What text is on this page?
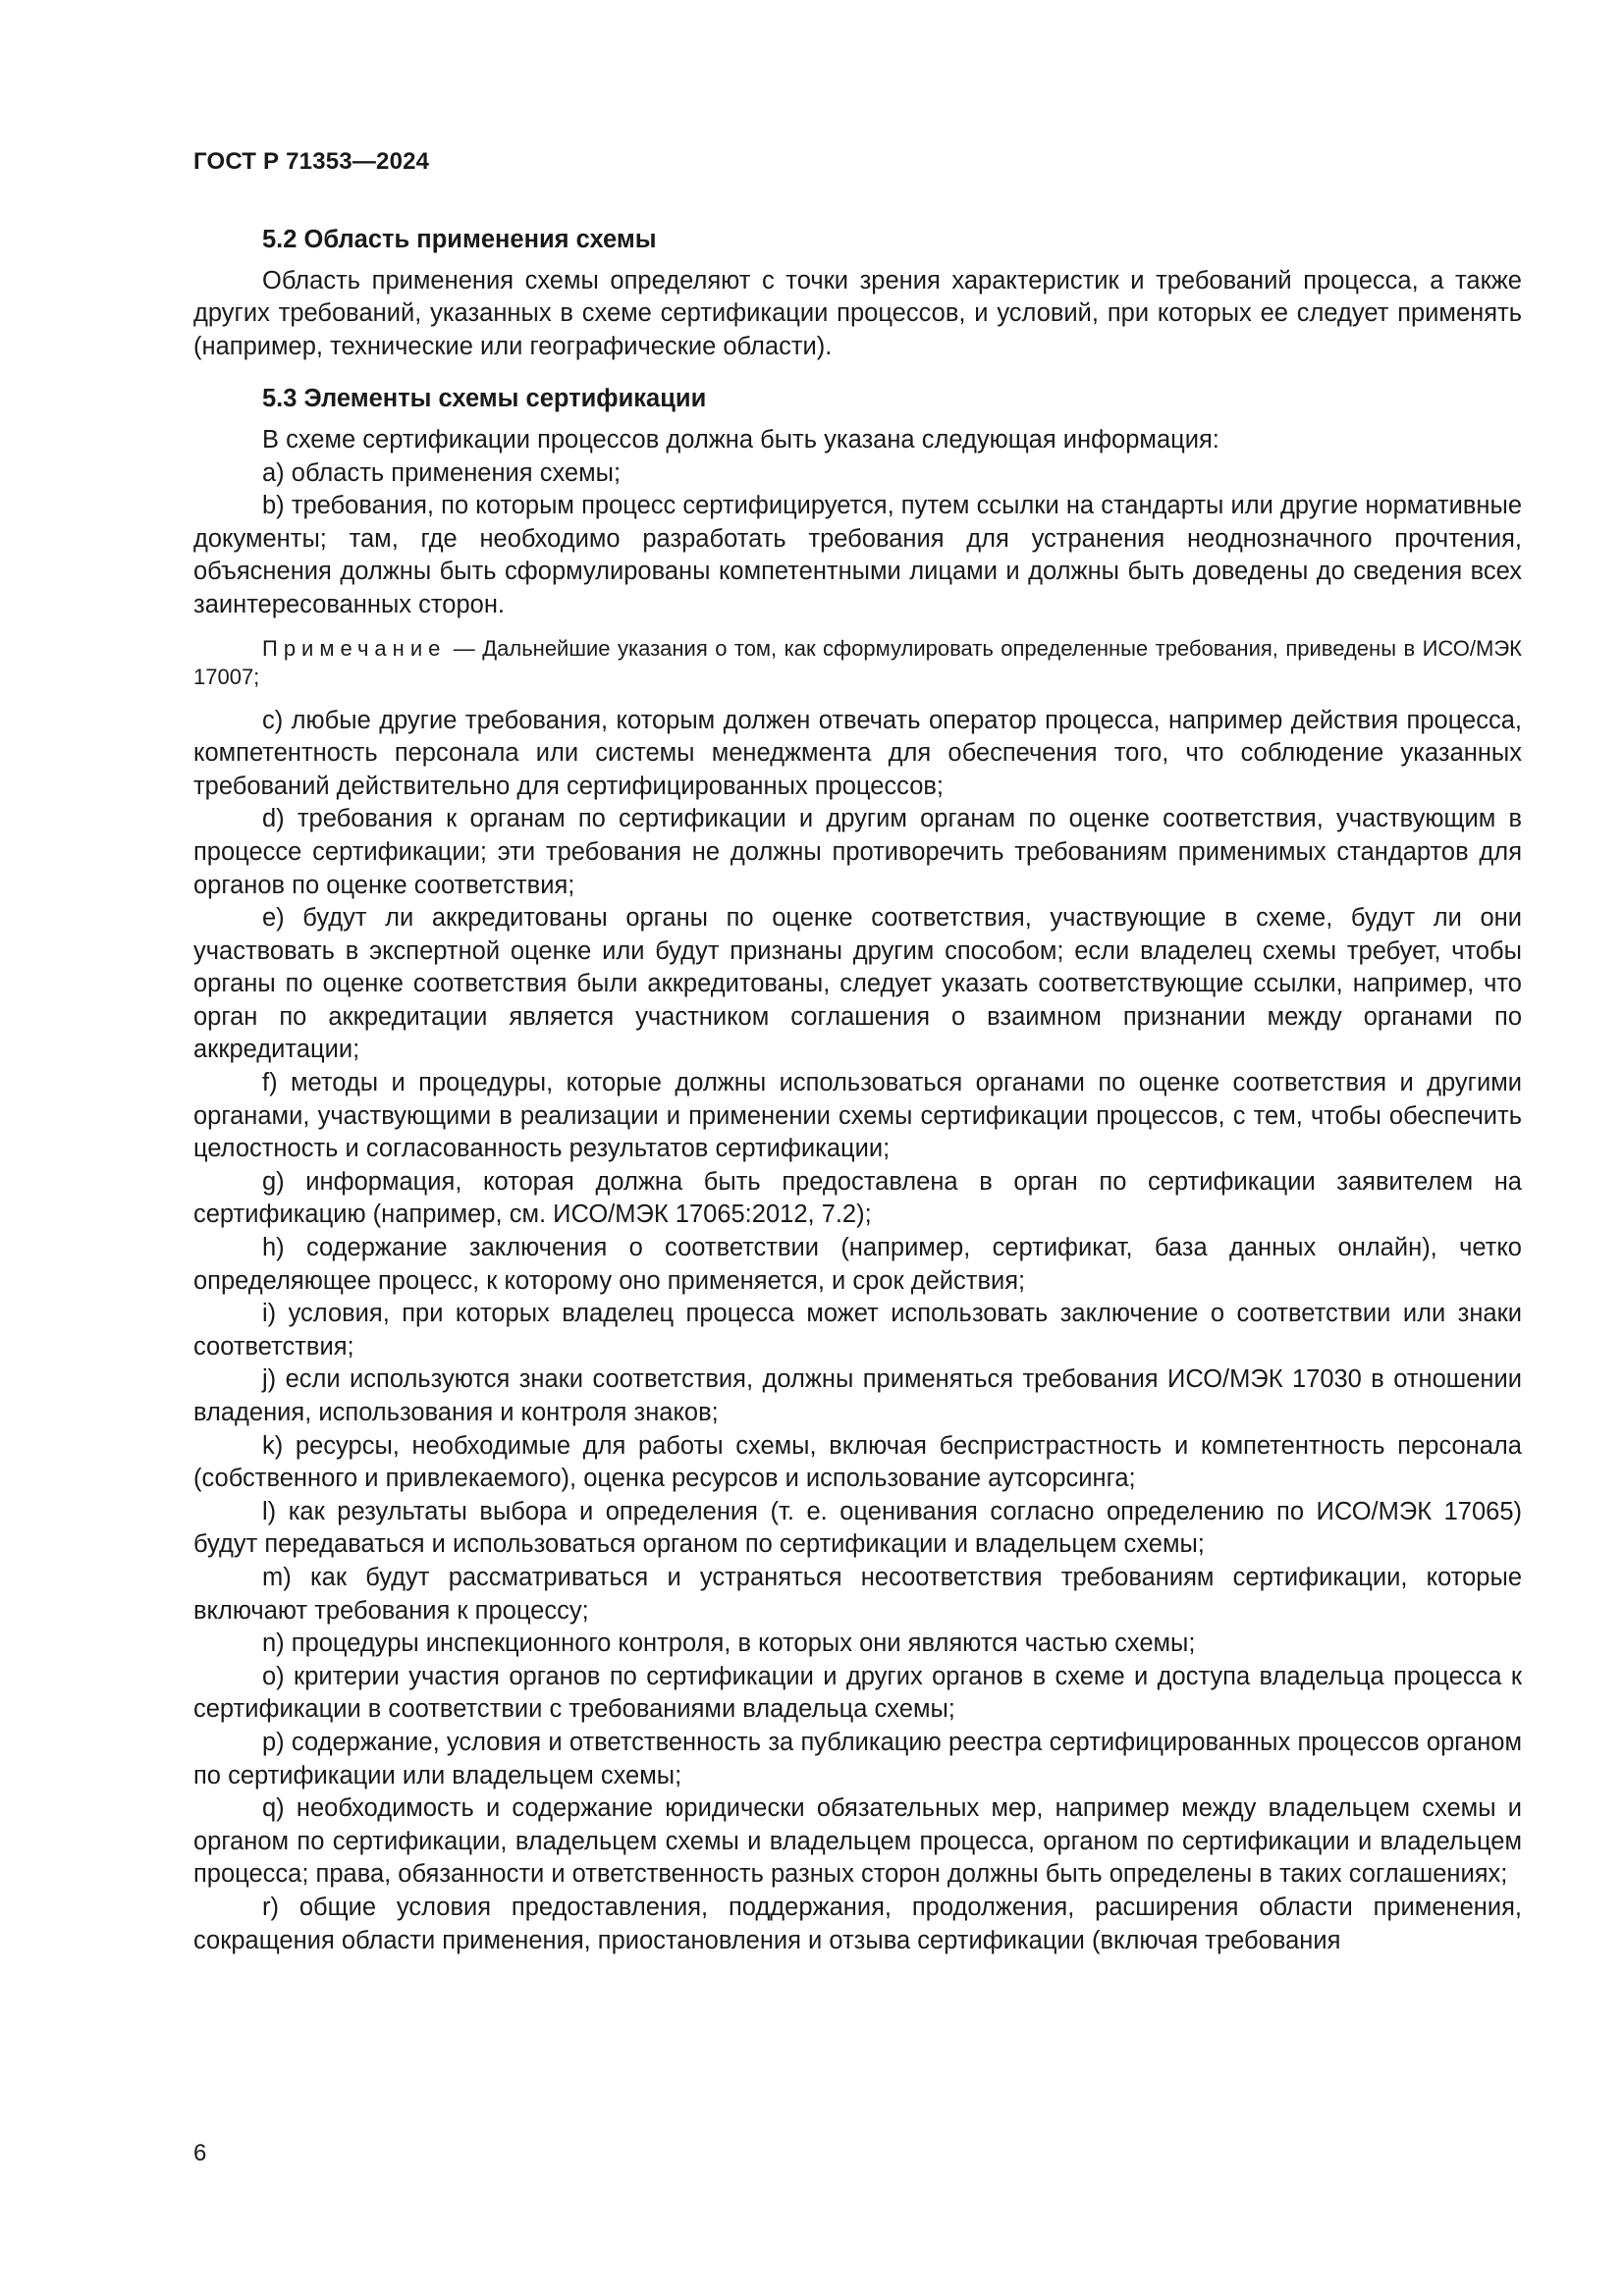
ГОСТ Р 71353—2024
5.2 Область применения схемы

Область применения схемы определяют с точки зрения характеристик и требований процесса, а также других требований, указанных в схеме сертификации процессов, и условий, при которых ее следует применять (например, технические или географические области).

5.3 Элементы схемы сертификации

В схеме сертификации процессов должна быть указана следующая информация:

a) область применения схемы;

b) требования, по которым процесс сертифицируется, путем ссылки на стандарты или другие нормативные документы; там, где необходимо разработать требования для устранения неоднозначного прочтения, объяснения должны быть сформулированы компетентными лицами и должны быть доведены до сведения всех заинтересованных сторон.

Примечание — Дальнейшие указания о том, как сформулировать определенные требования, приведены в ИСО/МЭК 17007;

c) любые другие требования, которым должен отвечать оператор процесса, например действия процесса, компетентность персонала или системы менеджмента для обеспечения того, что соблюдение указанных требований действительно для сертифицированных процессов;

d) требования к органам по сертификации и другим органам по оценке соответствия, участвующим в процессе сертификации; эти требования не должны противоречить требованиям применимых стандартов для органов по оценке соответствия;

e) будут ли аккредитованы органы по оценке соответствия, участвующие в схеме, будут ли они участвовать в экспертной оценке или будут признаны другим способом; если владелец схемы требует, чтобы органы по оценке соответствия были аккредитованы, следует указать соответствующие ссылки, например, что орган по аккредитации является участником соглашения о взаимном признании между органами по аккредитации;

f) методы и процедуры, которые должны использоваться органами по оценке соответствия и другими органами, участвующими в реализации и применении схемы сертификации процессов, с тем, чтобы обеспечить целостность и согласованность результатов сертификации;

g) информация, которая должна быть предоставлена в орган по сертификации заявителем на сертификацию (например, см. ИСО/МЭК 17065:2012, 7.2);

h) содержание заключения о соответствии (например, сертификат, база данных онлайн), четко определяющее процесс, к которому оно применяется, и срок действия;

i) условия, при которых владелец процесса может использовать заключение о соответствии или знаки соответствия;

j) если используются знаки соответствия, должны применяться требования ИСО/МЭК 17030 в отношении владения, использования и контроля знаков;

k) ресурсы, необходимые для работы схемы, включая беспристрастность и компетентность персонала (собственного и привлекаемого), оценка ресурсов и использование аутсорсинга;

l) как результаты выбора и определения (т. е. оценивания согласно определению по ИСО/МЭК 17065) будут передаваться и использоваться органом по сертификации и владельцем схемы;

m) как будут рассматриваться и устраняться несоответствия требованиям сертификации, которые включают требования к процессу;

n) процедуры инспекционного контроля, в которых они являются частью схемы;

o) критерии участия органов по сертификации и других органов в схеме и доступа владельца процесса к сертификации в соответствии с требованиями владельца схемы;

p) содержание, условия и ответственность за публикацию реестра сертифицированных процессов органом по сертификации или владельцем схемы;

q) необходимость и содержание юридически обязательных мер, например между владельцем схемы и органом по сертификации, владельцем схемы и владельцем процесса, органом по сертификации и владельцем процесса; права, обязанности и ответственность разных сторон должны быть определены в таких соглашениях;

r) общие условия предоставления, поддержания, продолжения, расширения области применения, сокращения области применения, приостановления и отзыва сертификации (включая требования

6
